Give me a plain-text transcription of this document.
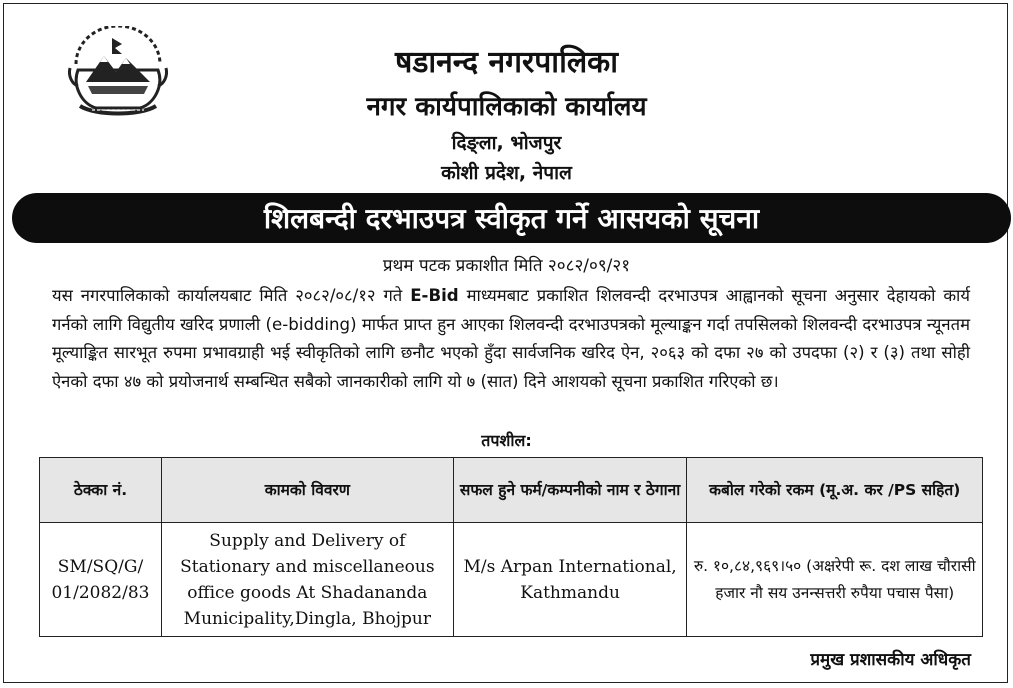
षडानन्द नगरपालिका
नगर कार्यपालिकाको कार्यालय
दिङ्ला, भोजपुर
कोशी प्रदेश, नेपाल
शिलबन्दी दरभाउपत्र स्वीकृत गर्ने आसयको सूचना
प्रथम पटक प्रकाशीत मिति २०८२/०९/२१
यस नगरपालिकाको कार्यालयबाट मिति २०८२/०८/१२ गते E-Bid माध्यमबाट प्रकाशित शिलवन्दी दरभाउपत्र आह्वानको सूचना अनुसार देहायको कार्य गर्नको लागि विद्युतीय खरिद प्रणाली (e-bidding) मार्फत प्राप्त हुन आएका शिलवन्दी दरभाउपत्रको मूल्याङ्कन गर्दा तपसिलको शिलवन्दी दरभाउपत्र न्यूनतम मूल्याङ्कित सारभूत रुपमा प्रभावग्राही भई स्वीकृतिको लागि छनौट भएको हुँदा सार्वजनिक खरिद ऐन, २०६३ को दफा २७ को उपदफा (२) र (३) तथा सोही ऐनको दफा ४७ को प्रयोजनार्थ सम्बन्धित सबैको जानकारीको लागि यो ७ (सात) दिने आशयको सूचना प्रकाशित गरिएको छ।
तपशील:
ठेक्का नं.	कामको विवरण	सफल हुने फर्म/कम्पनीको नाम र ठेगाना	कबोल गरेको रकम (मू.अ. कर /PS सहित)
SM/SQ/G/ 01/2082/83	Supply and Delivery of Stationary and miscellaneous office goods At Shadananda Municipality,Dingla, Bhojpur	M/s Arpan International, Kathmandu	रु. १०,८४,९६९।५० (अक्षरेपी रू. दश लाख चौरासी हजार नौ सय उनन्सत्तरी रुपैया पचास पैसा)
प्रमुख प्रशासकीय अधिकृत
